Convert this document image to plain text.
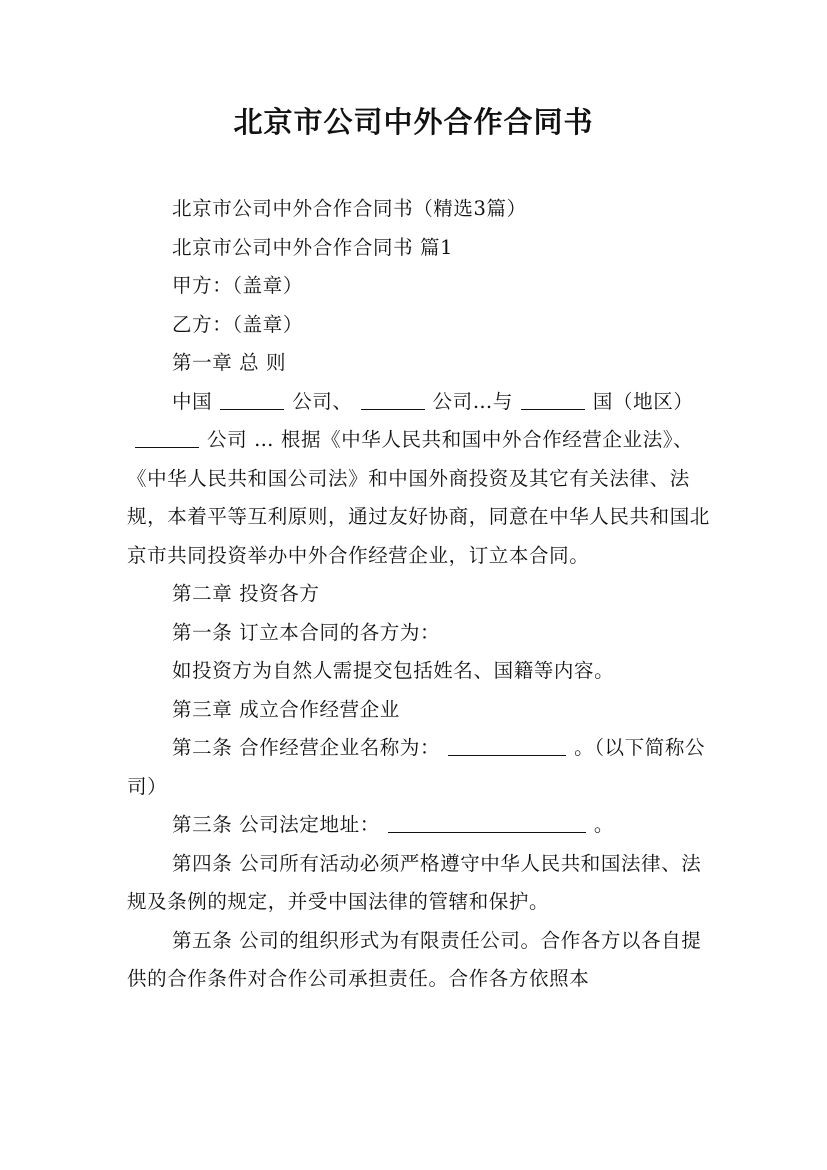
北京市公司中外合作合同书

北京市公司中外合作合同书（精选3篇）

北京市公司中外合作合同书 篇1

甲方：（盖章）

乙方：（盖章）

第一章 总 则

中国	公司、	公司…与	国（地区）公司 … 根据《中华人民共和国中外合作经营企业法》、《中华人民共和国公司法》和中国外商投资及其它有关法律、法规，本着平等互利原则，通过友好协商，同意在中华人民共和国北京市共同投资举办中外合作经营企业，订立本合同。

第二章 投资各方

第一条 订立本合同的各方为：

如投资方为自然人需提交包括姓名、国籍等内容。

第三章 成立合作经营企业

第二条 合作经营企业名称为：	。（以下简称公司）

第三条 公司法定地址：	。

第四条 公司所有活动必须严格遵守中华人民共和国法律、法规及条例的规定，并受中国法律的管辖和保护。

第五条 公司的组织形式为有限责任公司。合作各方以各自提供的合作条件对合作公司承担责任。合作各方依照本
